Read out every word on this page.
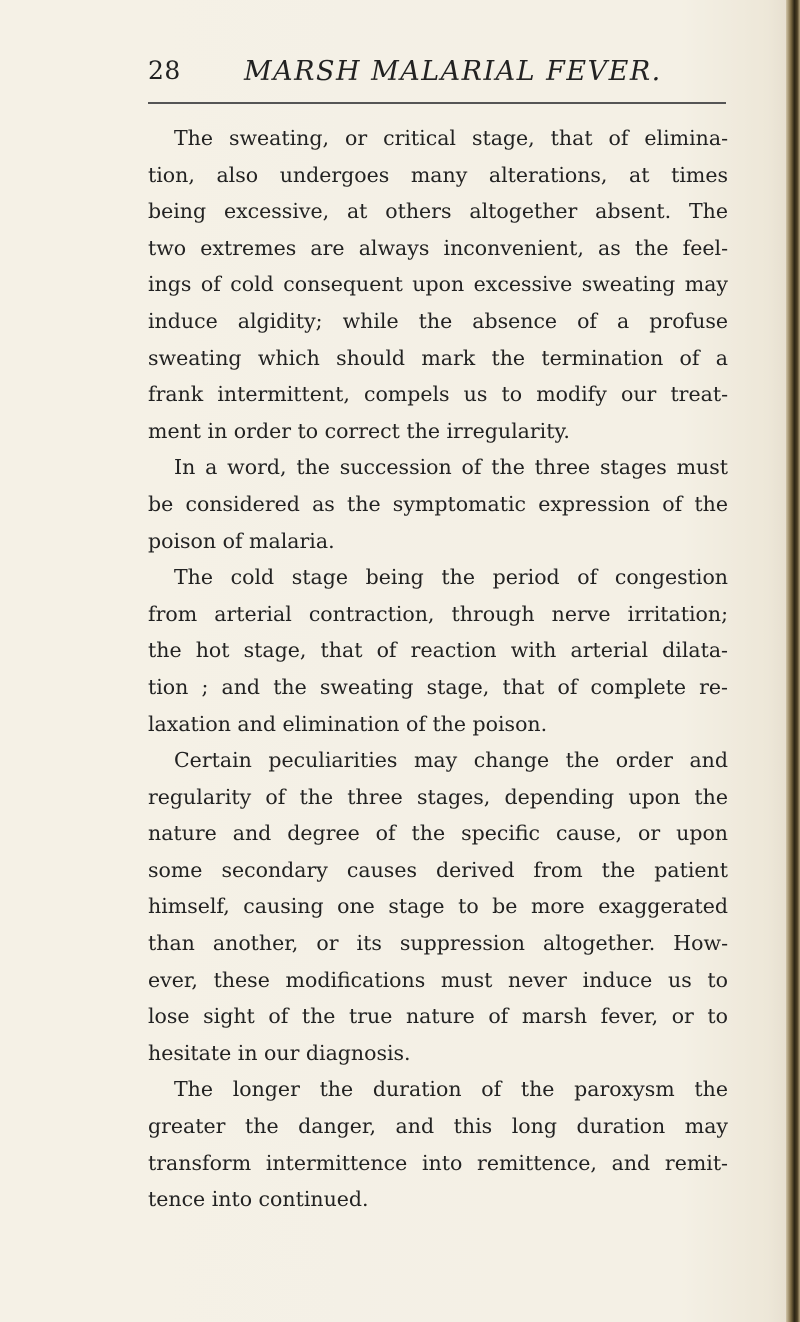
28 MARSH MALARIAL FEVER.
The sweating, or critical stage, that of elimina-
tion, also undergoes many alterations, at times
being excessive, at others altogether absent. The
two extremes are always inconvenient, as the feel-
ings of cold consequent upon excessive sweating may
induce algidity; while the absence of a profuse
sweating which should mark the termination of a
frank intermittent, compels us to modify our treat-
ment in order to correct the irregularity.
In a word, the succession of the three stages must
be considered as the symptomatic expression of the
poison of malaria.
The cold stage being the period of congestion
from arterial contraction, through nerve irritation;
the hot stage, that of reaction with arterial dilata-
tion ; and the sweating stage, that of complete re-
laxation and elimination of the poison.
Certain peculiarities may change the order and
regularity of the three stages, depending upon the
nature and degree of the specific cause, or upon
some secondary causes derived from the patient
himself, causing one stage to be more exaggerated
than another, or its suppression altogether. How-
ever, these modifications must never induce us to
lose sight of the true nature of marsh fever, or to
hesitate in our diagnosis.
The longer the duration of the paroxysm the
greater the danger, and this long duration may
transform intermittence into remittence, and remit-
tence into continued.
